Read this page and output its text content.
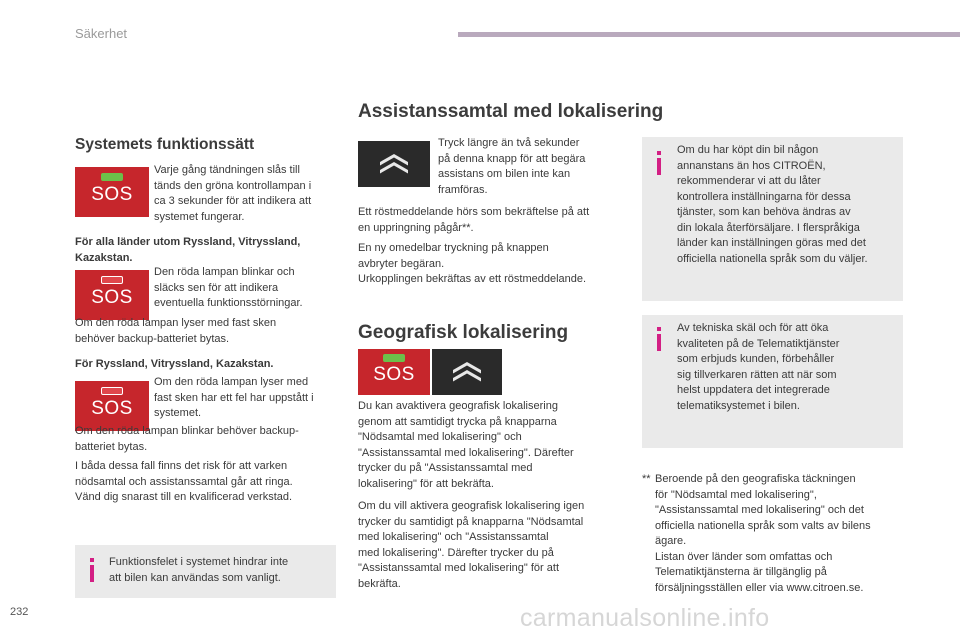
Säkerhet
Systemets funktionssätt
SOS
Varje gång tändningen slås till
tänds den gröna kontrollampan i
ca 3 sekunder för att indikera att
systemet fungerar.
För alla länder utom Ryssland, Vitryssland,
Kazakstan.
SOS
Den röda lampan blinkar och
släcks sen för att indikera
eventuella funktionsstörningar.
Om den röda lampan lyser med fast sken
behöver backup-batteriet bytas.
För Ryssland, Vitryssland, Kazakstan.
SOS
Om den röda lampan lyser med
fast sken har ett fel har uppstått i
systemet.
Om den röda lampan blinkar behöver backup-
batteriet bytas.
I båda dessa fall finns det risk för att varken
nödsamtal och assistanssamtal går att ringa.
Vänd dig snarast till en kvalificerad verkstad.
Funktionsfelet i systemet hindrar inte
att bilen kan användas som vanligt.
Assistanssamtal med lokalisering
Tryck längre än två sekunder
på denna knapp för att begära
assistans om bilen inte kan
framföras.
Ett röstmeddelande hörs som bekräftelse på att
en uppringning pågår**.
En ny omedelbar tryckning på knappen
avbryter begäran.
Urkopplingen bekräftas av ett röstmeddelande.
Geografisk lokalisering
SOS
Du kan avaktivera geografisk lokalisering
genom att samtidigt trycka på knapparna
"Nödsamtal med lokalisering" och
"Assistanssamtal med lokalisering". Därefter
trycker du på "Assistanssamtal med
lokalisering" för att bekräfta.
Om du vill aktivera geografisk lokalisering igen
trycker du samtidigt på knapparna "Nödsamtal
med lokalisering" och "Assistanssamtal
med lokalisering". Därefter trycker du på
"Assistanssamtal med lokalisering" för att
bekräfta.
Om du har köpt din bil någon
annanstans än hos CITROËN,
rekommenderar vi att du låter
kontrollera inställningarna för dessa
tjänster, som kan behöva ändras av
din lokala återförsäljare. I flerspråkiga
länder kan inställningen göras med det
officiella nationella språk som du väljer.
Av tekniska skäl och för att öka
kvaliteten på de Telematiktjänster
som erbjuds kunden, förbehåller
sig tillverkaren rätten att när som
helst uppdatera det integrerade
telematiksystemet i bilen.
** Beroende på den geografiska täckningen
för "Nödsamtal med lokalisering",
"Assistanssamtal med lokalisering" och det
officiella nationella språk som valts av bilens
ägare.
Listan över länder som omfattas och
Telematiktjänsterna är tillgänglig på
försäljningsställen eller via www.citroen.se.
232	carmanualsonline.info
